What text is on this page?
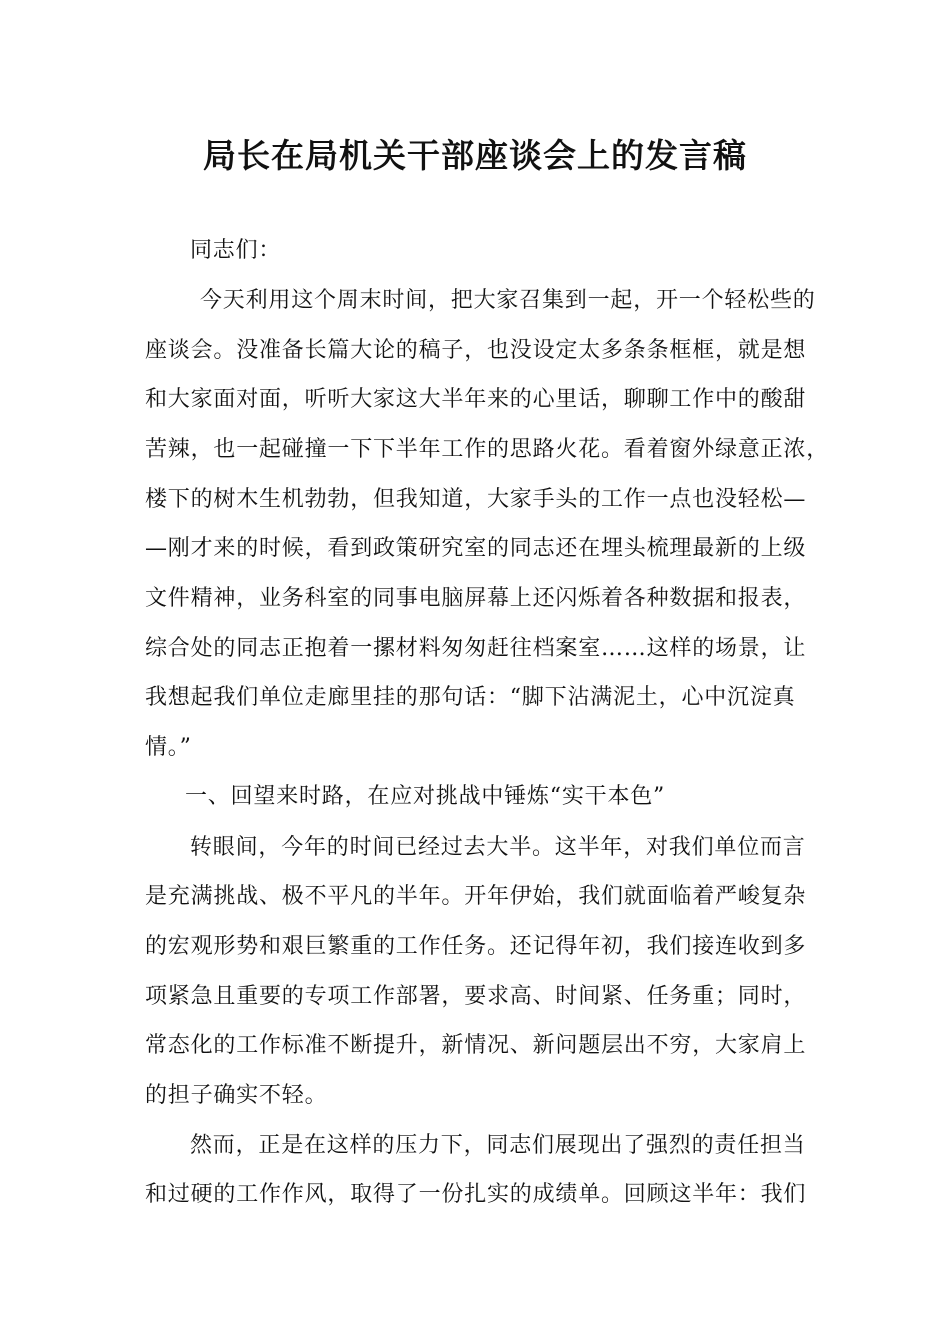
局长在局机关干部座谈会上的发言稿
同志们：
今天利用这个周末时间，把大家召集到一起，开一个轻松些的
座谈会。没准备长篇大论的稿子，也没设定太多条条框框，就是想
和大家面对面，听听大家这大半年来的心里话，聊聊工作中的酸甜
苦辣，也一起碰撞一下下半年工作的思路火花。看着窗外绿意正浓，
楼下的树木生机勃勃，但我知道，大家手头的工作一点也没轻松—
—刚才来的时候，看到政策研究室的同志还在埋头梳理最新的上级
文件精神，业务科室的同事电脑屏幕上还闪烁着各种数据和报表，
综合处的同志正抱着一摞材料匆匆赶往档案室……这样的场景，让
我想起我们单位走廊里挂的那句话：“脚下沾满泥土，心中沉淀真
情。”
一、回望来时路，在应对挑战中锤炼“实干本色”
转眼间，今年的时间已经过去大半。这半年，对我们单位而言
是充满挑战、极不平凡的半年。开年伊始，我们就面临着严峻复杂
的宏观形势和艰巨繁重的工作任务。还记得年初，我们接连收到多
项紧急且重要的专项工作部署，要求高、时间紧、任务重；同时，
常态化的工作标准不断提升，新情况、新问题层出不穷，大家肩上
的担子确实不轻。
然而，正是在这样的压力下，同志们展现出了强烈的责任担当
和过硬的工作作风，取得了一份扎实的成绩单。回顾这半年：我们
